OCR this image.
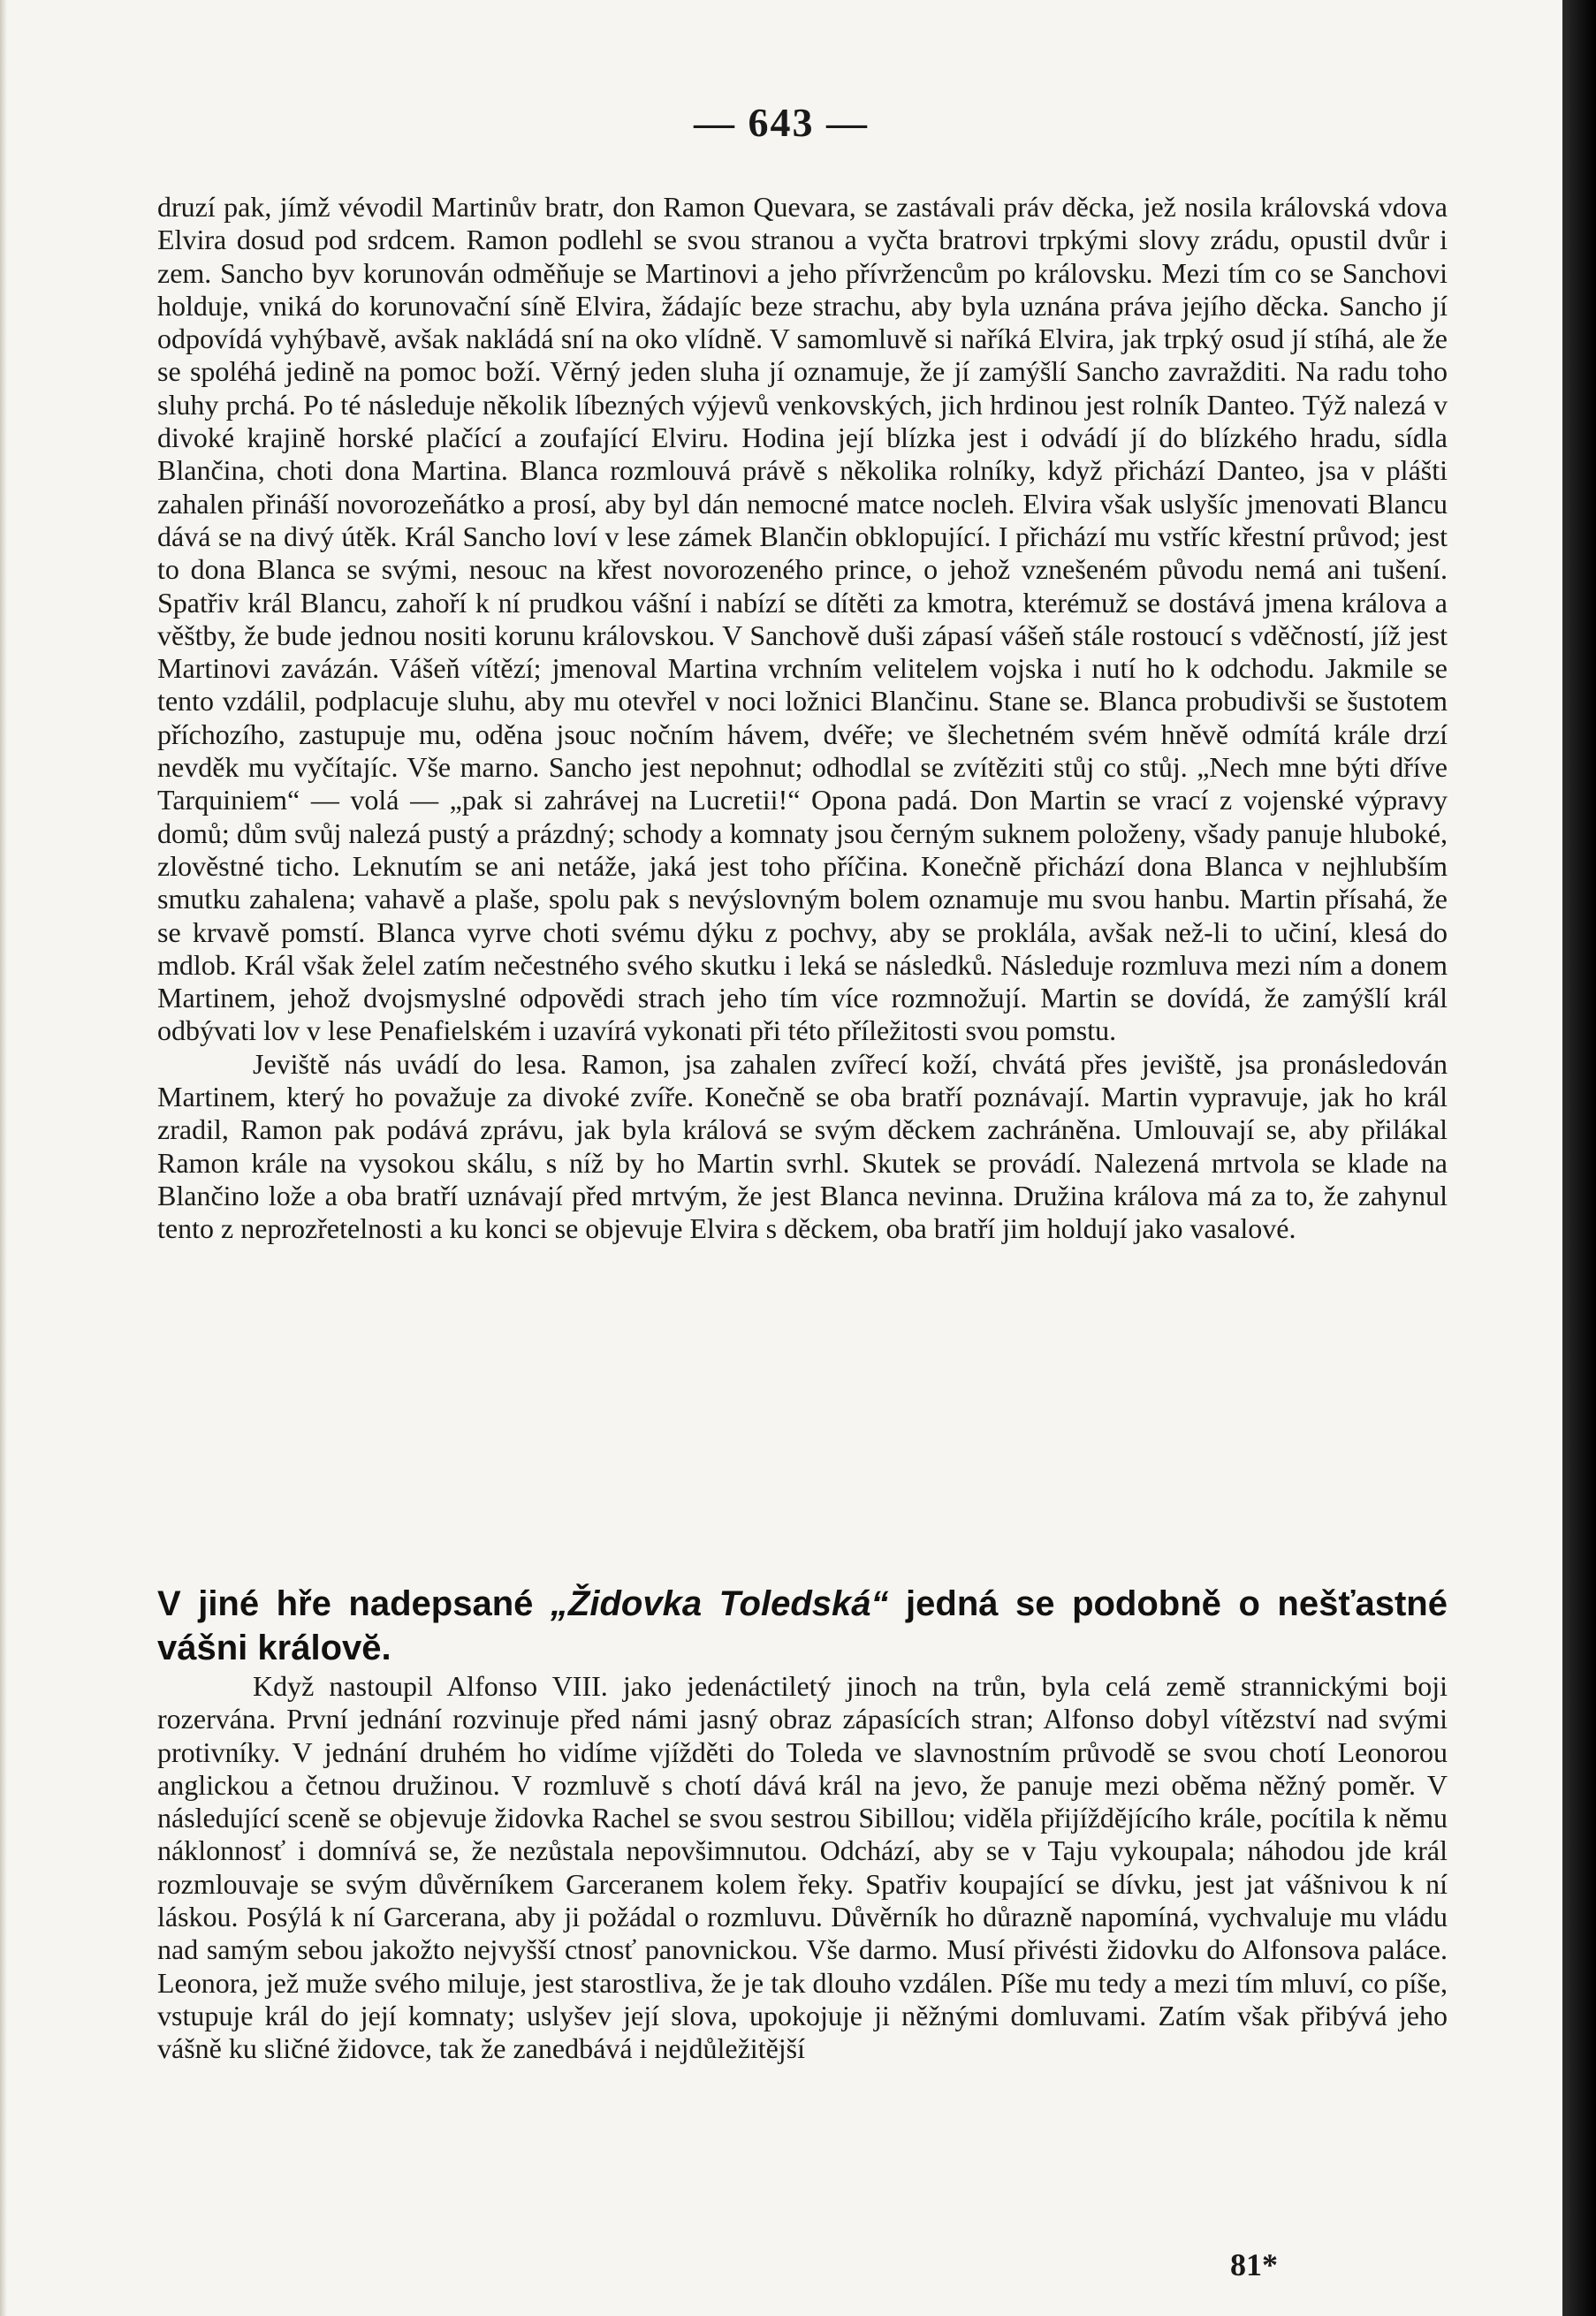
— 643 —

druzí pak, jímž vévodil Martinův bratr, don Ramon Quevara, se zastávali práv děcka, jež nosila královská vdova Elvira dosud pod srdcem. Ramon podlehl se svou stranou a vyčta bratrovi trpkými slovy zrádu, opustil dvůr i zem. Sancho byv korunován odměňuje se Martinovi a jeho přívržencům po královsku. Mezi tím co se Sanchovi holduje, vniká do korunovační síně Elvira, žádajíc beze strachu, aby byla uznána práva jejího děcka. Sancho jí odpovídá vyhýbavě, avšak nakládá sní na oko vlídně. V samomluvě si naříká Elvira, jak trpký osud jí stíhá, ale že se spoléhá jedině na pomoc boží. Věrný jeden sluha jí oznamuje, že jí zamýšlí Sancho zavražditi. Na radu toho sluhy prchá. Po té následuje několik líbezných výjevů venkovských, jich hrdinou jest rolník Danteo. Týž nalezá v divoké krajině horské plačící a zoufající Elviru. Hodina její blízka jest i odvádí jí do blízkého hradu, sídla Blančina, choti dona Martina. Blanca rozmlouvá právě s několika rolníky, když přichází Danteo, jsa v plášti zahalen přináší novorozeňátko a prosí, aby byl dán nemocné matce nocleh. Elvira však uslyšíc jmenovati Blancu dává se na divý útěk. Král Sancho loví v lese zámek Blančin obklopující. I přichází mu vstříc křestní průvod; jest to dona Blanca se svými, nesouc na křest novorozeného prince, o jehož vznešeném původu nemá ani tušení. Spatřiv král Blancu, zahoří k ní prudkou vášní i nabízí se dítěti za kmotra, kterémuž se dostává jmena králova a věštby, že bude jednou nositi korunu královskou. V Sanchově duši zápasí vášeň stále rostoucí s vděčností, jíž jest Martinovi zavázán. Vášeň vítězí; jmenoval Martina vrchním velitelem vojska i nutí ho k odchodu. Jakmile se tento vzdálil, podplacuje sluhu, aby mu otevřel v noci ložnici Blančinu. Stane se. Blanca probudivši se šustotem příchozího, zastupuje mu, oděna jsouc nočním hávem, dvéře; ve šlechetném svém hněvě odmítá krále drzí nevděk mu vyčítajíc. Vše marno. Sancho jest nepohnut; odhodlal se zvítěziti stůj co stůj. „Nech mne býti dříve Tarquiniem“ — volá — „pak si zahrávej na Lucretii!“ Opona padá. Don Martin se vrací z vojenské výpravy domů; dům svůj nalezá pustý a prázdný; schody a komnaty jsou černým suknem položeny, všady panuje hluboké, zlověstné ticho. Leknutím se ani netáže, jaká jest toho příčina. Konečně přichází dona Blanca v nejhlubším smutku zahalena; vahavě a plaše, spolu pak s nevýslovným bolem oznamuje mu svou hanbu. Martin přísahá, že se krvavě pomstí. Blanca vyrve choti svému dýku z pochvy, aby se proklála, avšak než-li to učiní, klesá do mdlob. Král však želel zatím nečestného svého skutku i leká se následků. Následuje rozmluva mezi ním a donem Martinem, jehož dvojsmyslné odpovědi strach jeho tím více rozmnožují. Martin se dovídá, že zamýšlí král odbývati lov v lese Penafielském i uzavírá vykonati při této příležitosti svou pomstu.

Jeviště nás uvádí do lesa. Ramon, jsa zahalen zvířecí koží, chvátá přes jeviště, jsa pronásledován Martinem, který ho považuje za divoké zvíře. Konečně se oba bratří poznávají. Martin vypravuje, jak ho král zradil, Ramon pak podává zprávu, jak byla králová se svým děckem zachráněna. Umlouvají se, aby přilákal Ramon krále na vysokou skálu, s níž by ho Martin svrhl. Skutek se provádí. Nalezená mrtvola se klade na Blančino lože a oba bratří uznávají před mrtvým, že jest Blanca nevinna. Družina králova má za to, že zahynul tento z neprozřetelnosti a ku konci se objevuje Elvira s děckem, oba bratří jim holdují jako vasalové.

V jiné hře nadepsané „Židovka Toledská“ jedná se podobně o nešťastné vášni královĕ.

Když nastoupil Alfonso VIII. jako jedenáctiletý jinoch na trůn, byla celá země strannickými boji rozervána. První jednání rozvinuje před námi jasný obraz zápasících stran; Alfonso dobyl vítězství nad svými protivníky. V jednání druhém ho vidíme vjížděti do Toleda ve slavnostním průvodě se svou chotí Leonorou anglickou a četnou družinou. V rozmluvě s chotí dává král na jevo, že panuje mezi oběma něžný poměr. V následující sceně se objevuje židovka Rachel se svou sestrou Sibillou; viděla přijíždějícího krále, pocítila k němu náklonnosť i domnívá se, že nezůstala nepovšimnutou. Odchází, aby se v Taju vykoupala; náhodou jde král rozmlouvaje se svým důvěrníkem Garceranem kolem řeky. Spatřiv koupající se dívku, jest jat vášnivou k ní láskou. Posýlá k ní Garcerana, aby ji požádal o rozmluvu. Důvěrník ho důrazně napomíná, vychvaluje mu vládu nad samým sebou jakožto nejvyšší ctnosť panovnickou. Vše darmo. Musí přivésti židovku do Alfonsova paláce. Leonora, jež muže svého miluje, jest starostliva, že je tak dlouho vzdálen. Píše mu tedy a mezi tím mluví, co píše, vstupuje král do její komnaty; uslyšev její slova, upokojuje ji něžnými domluvami. Zatím však přibývá jeho vášně ku sličné židovce, tak že zanedbává i nejdůležitější

81*
